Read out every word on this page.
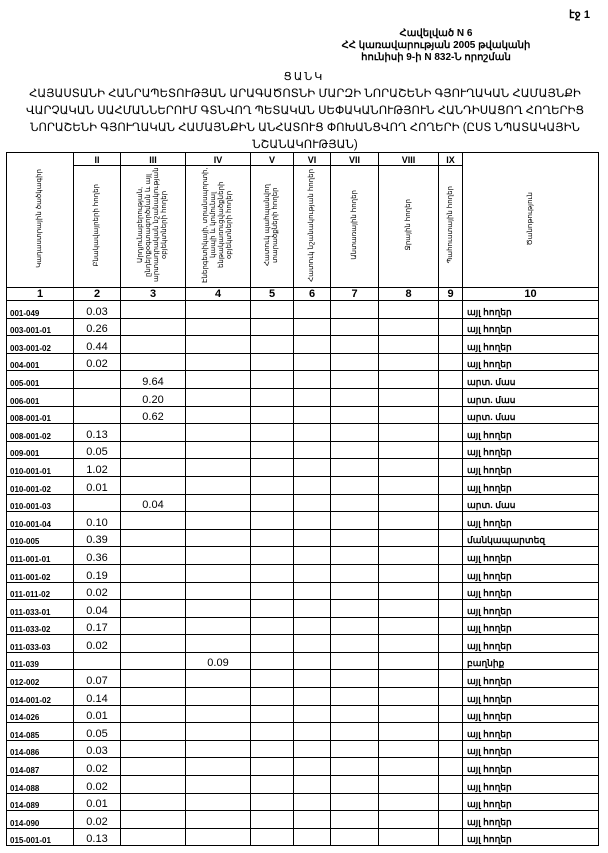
էջ 1
Հավելված N 6
ՀՀ կառավարության 2005 թվականի
հունիսի 9-ի N 832-Ն որոշման
ՑԱՆԿ
ՀԱՅԱՍՏԱՆԻ ՀԱՆՐԱՊԵՏՈՒԹՅԱՆ ԱՐԱԳԱԾՈՏՆԻ ՄԱՐԶԻ ՆՈՐԱՇԵՆԻ ԳՅՈՒՂԱԿԱՆ ՀԱՄԱՅՆՔԻ ՎԱՐՉԱԿԱՆ ՍԱՀՄԱՆՆԵՐՈՒՄ ԳՏՆՎՈՂ ՊԵՏԱԿԱՆ ՍԵՓԱԿԱՆՈՒԹՅՈՒՆ ՀԱՆԴԻՍԱՑՈՂ ՀՈՂԵՐԻՑ ՆՈՐԱՇԵՆԻ ԳՅՈՒՂԱԿԱՆ ՀԱՄԱՅՆՔԻՆ ԱՆՀԱՏՈՒՑ ՓՈԽԱՆՑՎՈՂ ՀՈՂԵՐԻ (ԸՍՏ ՆՊԱՏԱԿԱՅԻՆ ՆՇԱՆԱԿՈՒԹՅԱՆ)
Կադաստրային ծածկագիր	II	III	IV	V	VI	VII	VIII	IX	Ծանոթություն
	Բնակավայրերի հողեր	Արդյունաբերության, ընդերքօգտագործման և այլ արտադրական նշանակության օբյեկտների հողեր	Էներգետիկայի, տրանսպորտի, կապի և կոմունալ ենթակառուցվածքների օբյեկտների հողեր	Հատուկ պահպանվող տարածքների հողեր	Հատուկ նշանակության հողեր	Անտառային հողեր	Ջրային հողեր	Պահուստային հողեր	
1	2	3	4	5	6	7	8	9	10
001-049	0.03								այլ հողեր
003-001-01	0.26								այլ հողեր
003-001-02	0.44								այլ հողեր
004-001	0.02								այլ հողեր
005-001		9.64							արտ. մաս
006-001		0.20							արտ. մաս
008-001-01		0.62							արտ. մաս
008-001-02	0.13								այլ հողեր
009-001	0.05								այլ հողեր
010-001-01	1.02								այլ հողեր
010-001-02	0.01								այլ հողեր
010-001-03		0.04							արտ. մաս
010-001-04	0.10								այլ հողեր
010-005	0.39								մանկապարտեզ
011-001-01	0.36								այլ հողեր
011-001-02	0.19								այլ հողեր
011-011-02	0.02								այլ հողեր
011-033-01	0.04								այլ հողեր
011-033-02	0.17								այլ հողեր
011-033-03	0.02								այլ հողեր
011-039			0.09						բաղնիք
012-002	0.07								այլ հողեր
014-001-02	0.14								այլ հողեր
014-026	0.01								այլ հողեր
014-085	0.05								այլ հողեր
014-086	0.03								այլ հողեր
014-087	0.02								այլ հողեր
014-088	0.02								այլ հողեր
014-089	0.01								այլ հողեր
014-090	0.02								այլ հողեր
015-001-01	0.13								այլ հողեր
